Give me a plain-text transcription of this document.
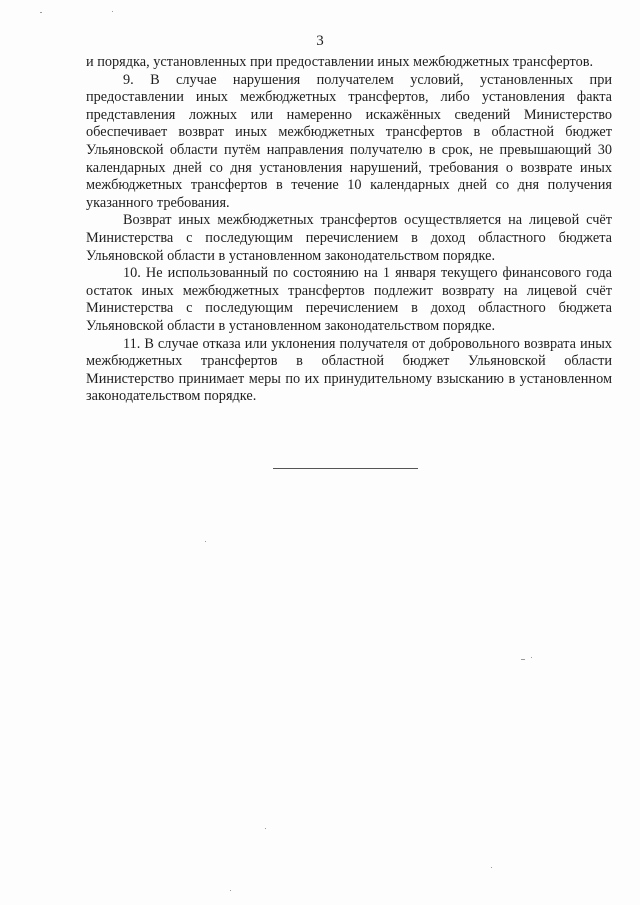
3

и порядка, установленных при предоставлении иных межбюджетных трансфертов.

9. В случае нарушения получателем условий, установленных при предоставлении иных межбюджетных трансфертов, либо установления факта представления ложных или намеренно искажённых сведений Министерство обеспечивает возврат иных межбюджетных трансфертов в областной бюджет Ульяновской области путём направления получателю в срок, не превышающий 30 календарных дней со дня установления нарушений, требования о возврате иных межбюджетных трансфертов в течение 10 календарных дней со дня получения указанного требования.

Возврат иных межбюджетных трансфертов осуществляется на лицевой счёт Министерства с последующим перечислением в доход областного бюджета Ульяновской области в установленном законодательством порядке.

10. Не использованный по состоянию на 1 января текущего финансового года остаток иных межбюджетных трансфертов подлежит возврату на лицевой счёт Министерства с последующим перечислением в доход областного бюджета Ульяновской области в установленном законодательством порядке.

11. В случае отказа или уклонения получателя от добровольного возврата иных межбюджетных трансфертов в областной бюджет Ульяновской области Министерство принимает меры по их принудительному взысканию в установленном законодательством порядке.
